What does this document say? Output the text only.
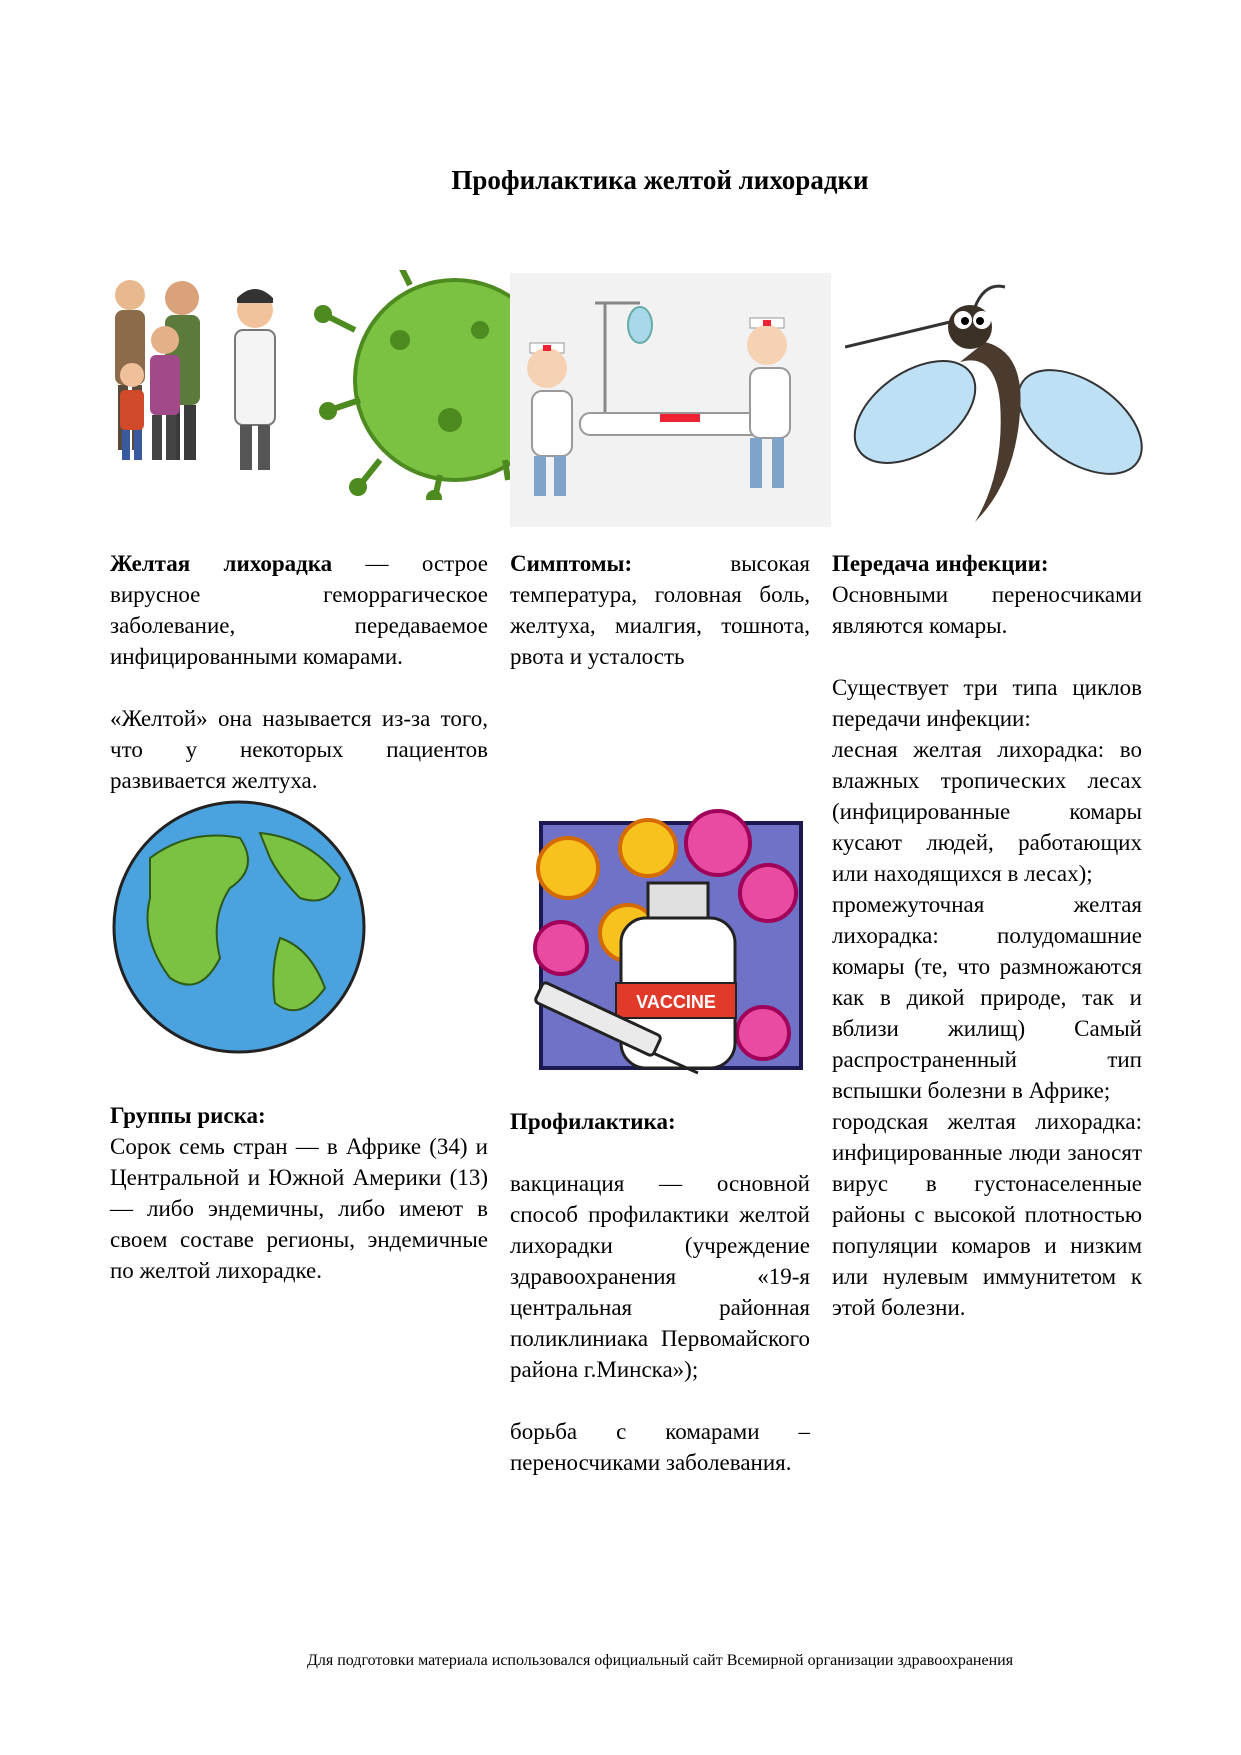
Профилактика желтой лихорадки

Желтая лихорадка — острое вирусное геморрагическое заболевание, передаваемое инфицированными комарами.

«Желтой» она называется из-за того, что у некоторых пациентов развивается желтуха.

VACCINE

Группы риска:

Сорок семь стран — в Африке (34) и Центральной и Южной Америки (13) — либо эндемичны, либо имеют в своем составе регионы, эндемичные по желтой лихорадке.

Симптомы: высокая температура, головная боль, желтуха, миалгия, тошнота, рвота и усталость

Профилактика:

вакцинация — основной способ профилактики желтой лихорадки (учреждение здравоохранения «19-я центральная районная поликлиниака Первомайского района г.Минска»);

борьба с комарами – переносчиками заболевания.

Передача инфекции:

Основными переносчиками являются комары.

Существует три типа циклов передачи инфекции:

лесная желтая лихорадка: во влажных тропических лесах (инфицированные комары кусают людей, работающих или находящихся в лесах);

промежуточная желтая лихорадка: полудомашние комары (те, что размножаются как в дикой природе, так и вблизи жилищ) Самый распространенный тип вспышки болезни в Африке;

городская желтая лихорадка: инфицированные люди заносят вирус в густонаселенные районы с высокой плотностью популяции комаров и низким или нулевым иммунитетом к этой болезни.

Для подготовки материала использовался официальный сайт Всемирной организации здравоохранения
